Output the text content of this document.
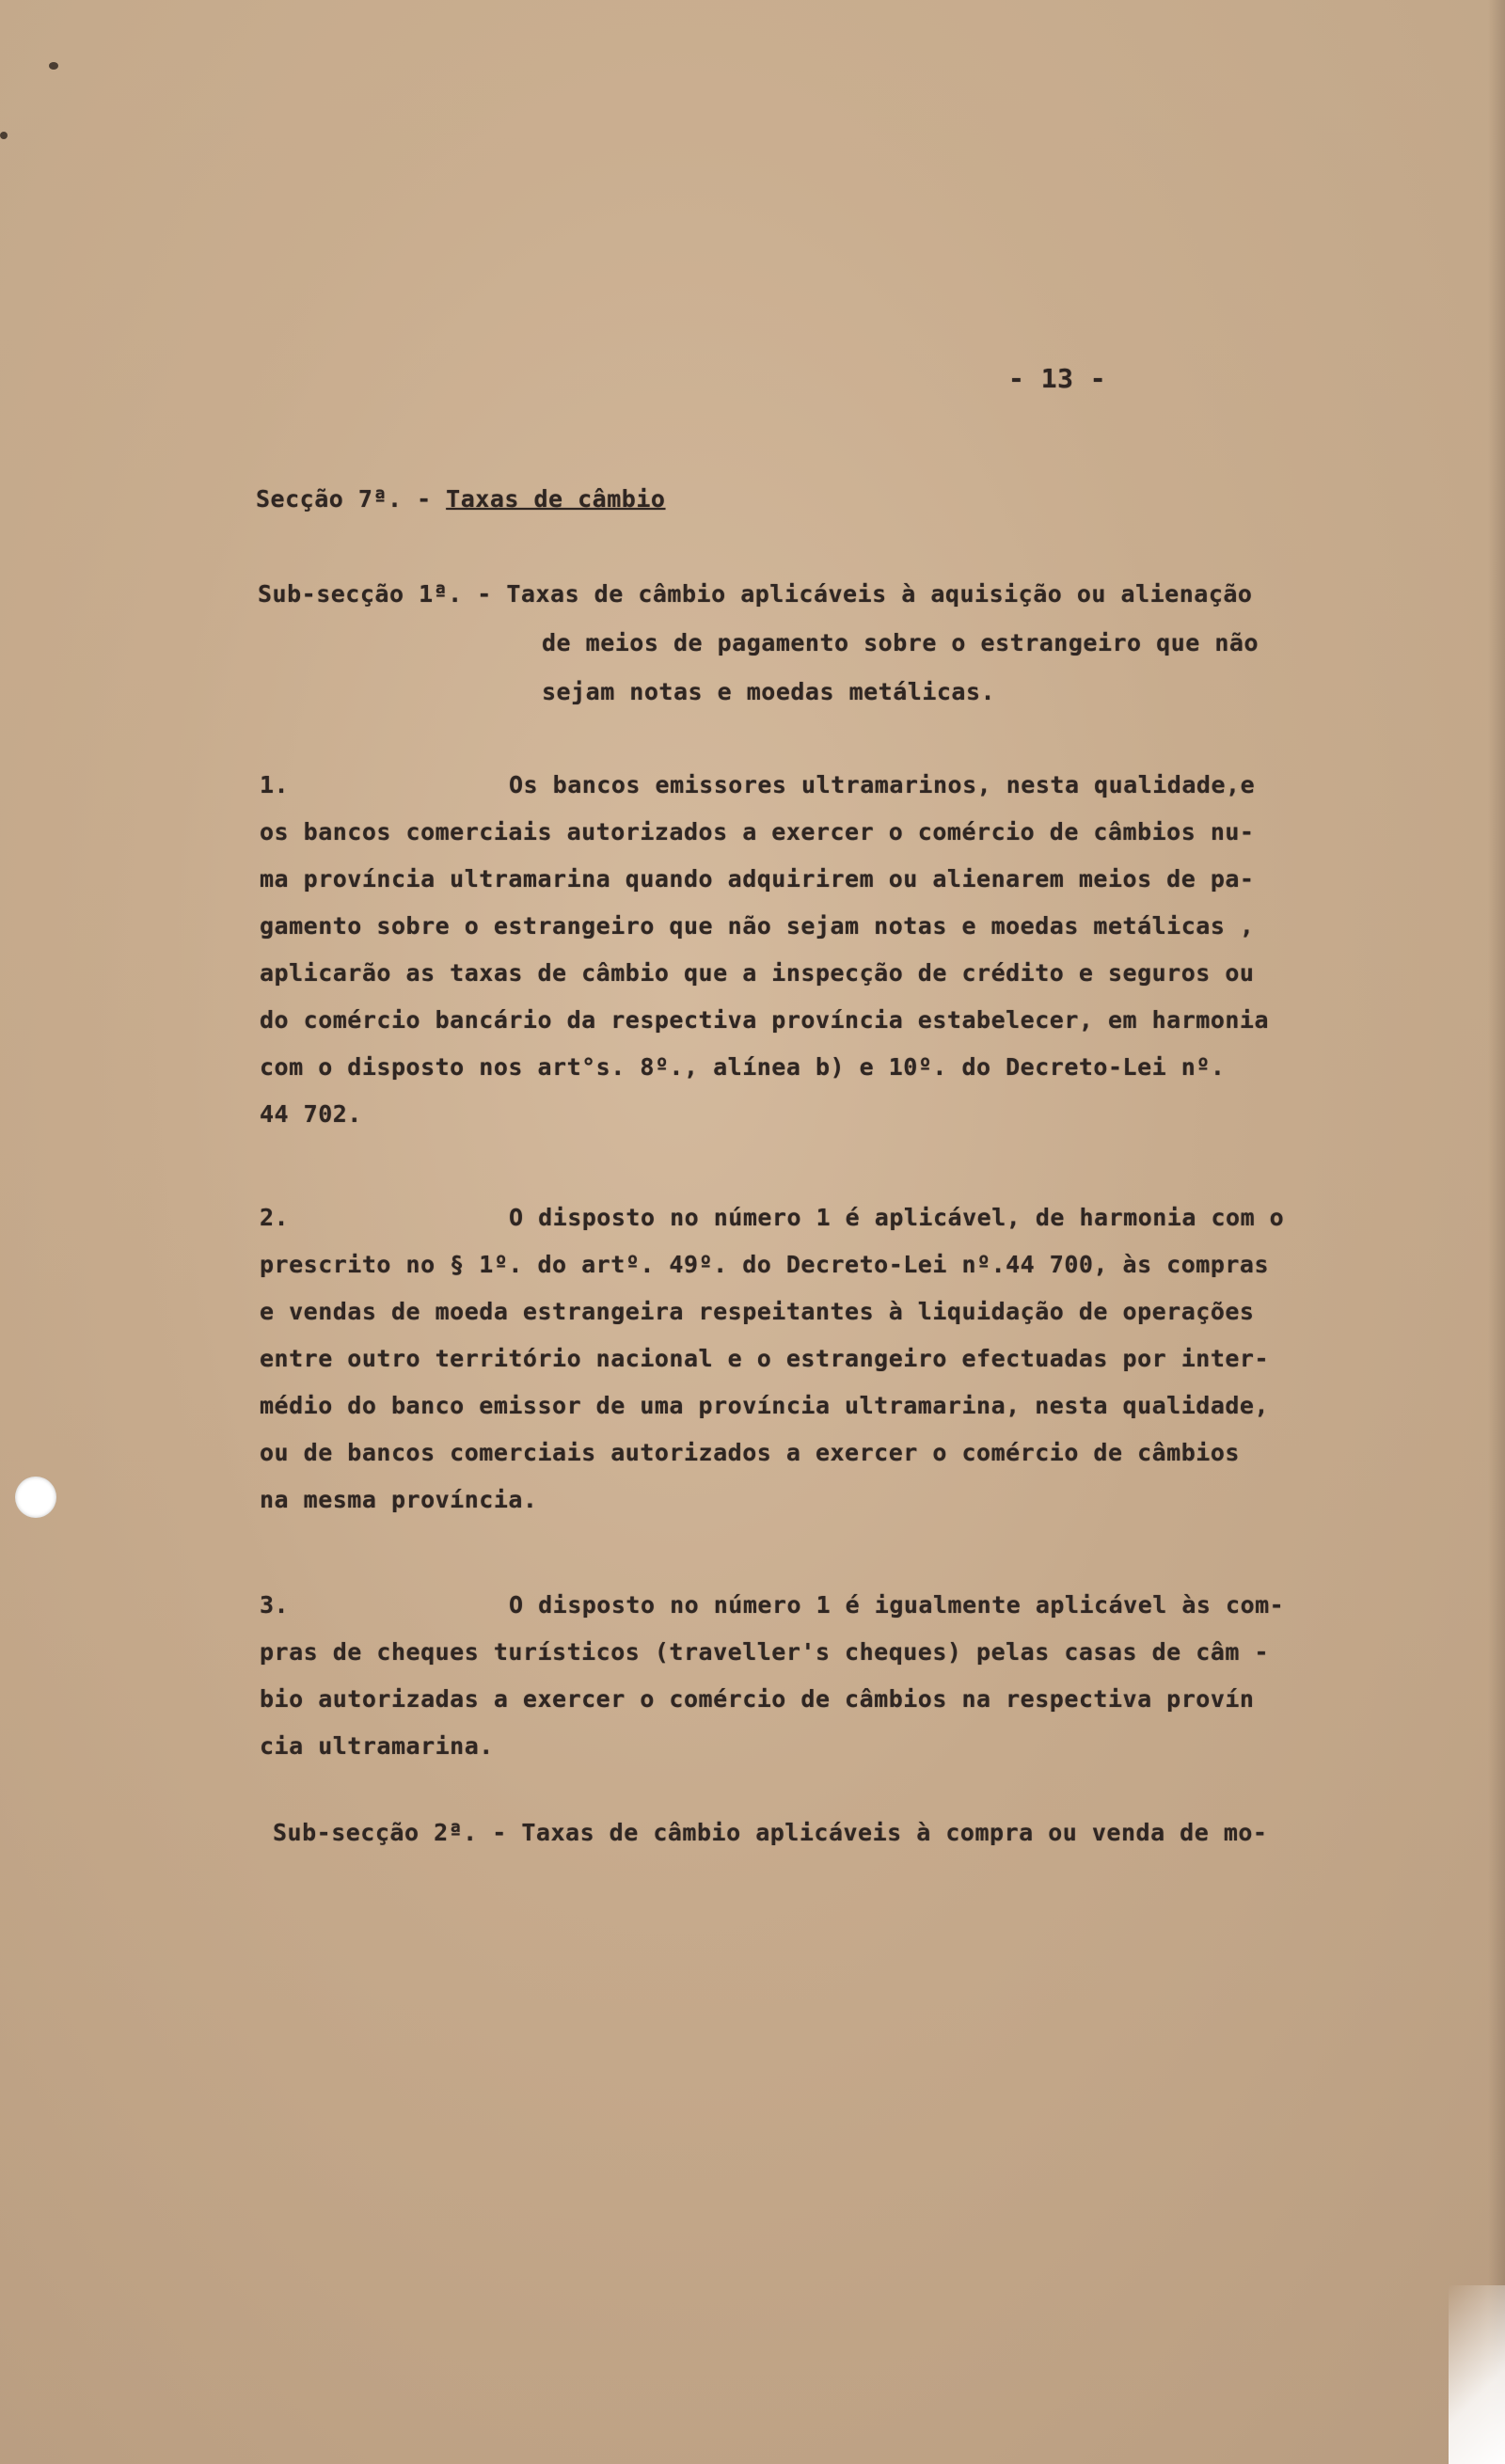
- 13 -
Secção 7ª. - Taxas de câmbio
Sub-secção 1ª. - Taxas de câmbio aplicáveis à aquisição ou alienação
de meios de pagamento sobre o estrangeiro que não
sejam notas e moedas metálicas.
1.	Os bancos emissores ultramarinos, nesta qualidade,e
os bancos comerciais autorizados a exercer o comércio de câmbios nu-
ma província ultramarina quando adquirirem ou alienarem meios de pa-
gamento sobre o estrangeiro que não sejam notas e moedas metálicas ,
aplicarão as taxas de câmbio que a inspecção de crédito e seguros ou
do comércio bancário da respectiva província estabelecer, em harmonia
com o disposto nos art°s. 8º., alínea b) e 10º. do Decreto-Lei nº.
44 702.
2.	O disposto no número 1 é aplicável, de harmonia com o
prescrito no § 1º. do artº. 49º. do Decreto-Lei nº.44 700, às compras
e vendas de moeda estrangeira respeitantes à liquidação de operações
entre outro território nacional e o estrangeiro efectuadas por inter-
médio do banco emissor de uma província ultramarina, nesta qualidade,
ou de bancos comerciais autorizados a exercer o comércio de câmbios
na mesma província.
3.	O disposto no número 1 é igualmente aplicável às com-
pras de cheques turísticos (traveller's cheques) pelas casas de câm -
bio autorizadas a exercer o comércio de câmbios na respectiva provín
cia ultramarina.
Sub-secção 2ª. - Taxas de câmbio aplicáveis à compra ou venda de mo-
